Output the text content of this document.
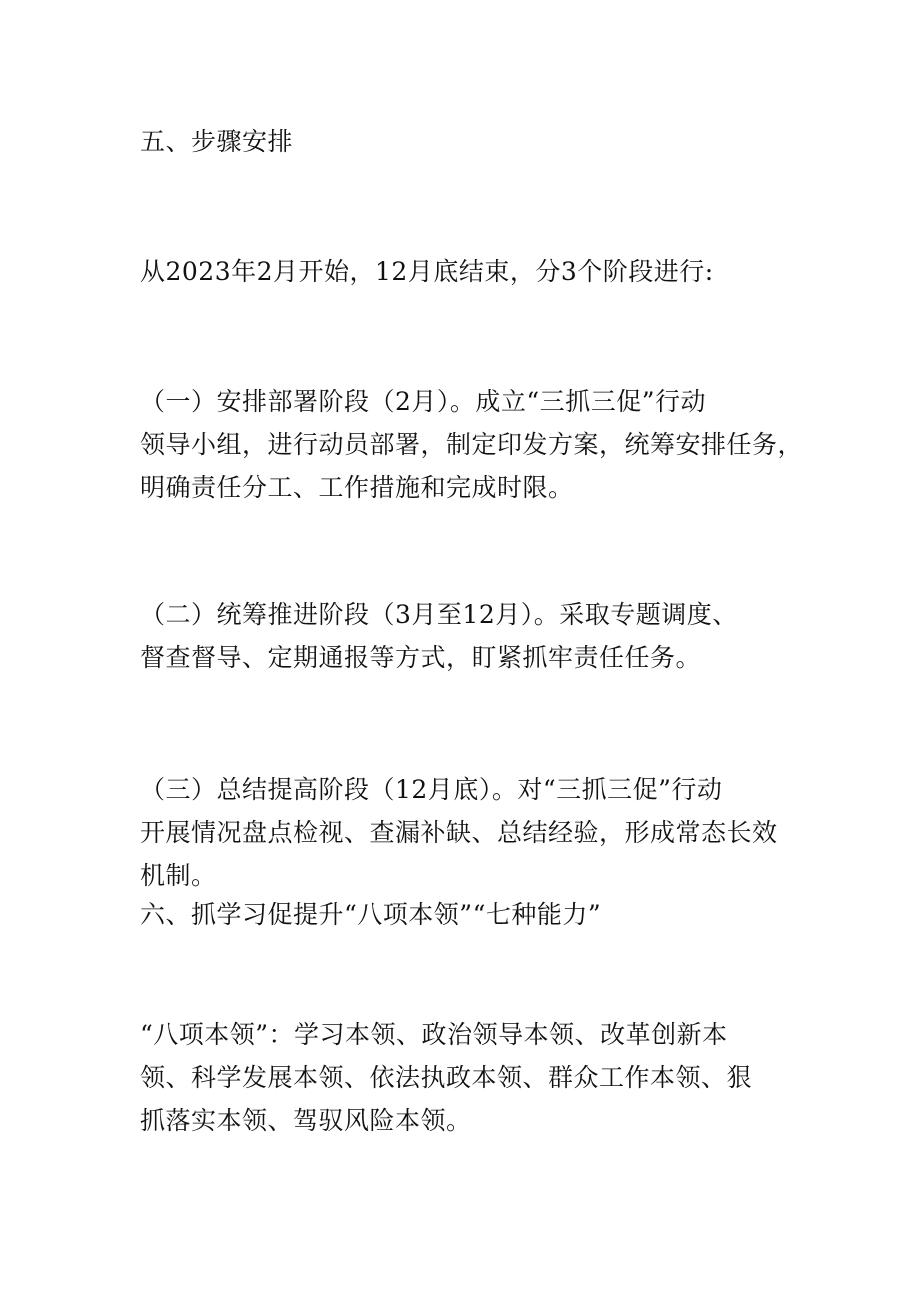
五、步骤安排

从2023年2月开始，12月底结束，分3个阶段进行:

（一）安排部署阶段（2月）。成立“三抓三促”行动
领导小组，进行动员部署，制定印发方案，统筹安排任务，
明确责任分工、工作措施和完成时限。
（二）统筹推进阶段（3月至12月）。采取专题调度、
督查督导、定期通报等方式，盯紧抓牢责任任务。
（三）总结提高阶段（12月底）。对“三抓三促”行动
开展情况盘点检视、查漏补缺、总结经验，形成常态长效
机制。
六、抓学习促提升“八项本领”“七种能力”
“八项本领”：学习本领、政治领导本领、改革创新本
领、科学发展本领、依法执政本领、群众工作本领、狠
抓落实本领、驾驭风险本领。
